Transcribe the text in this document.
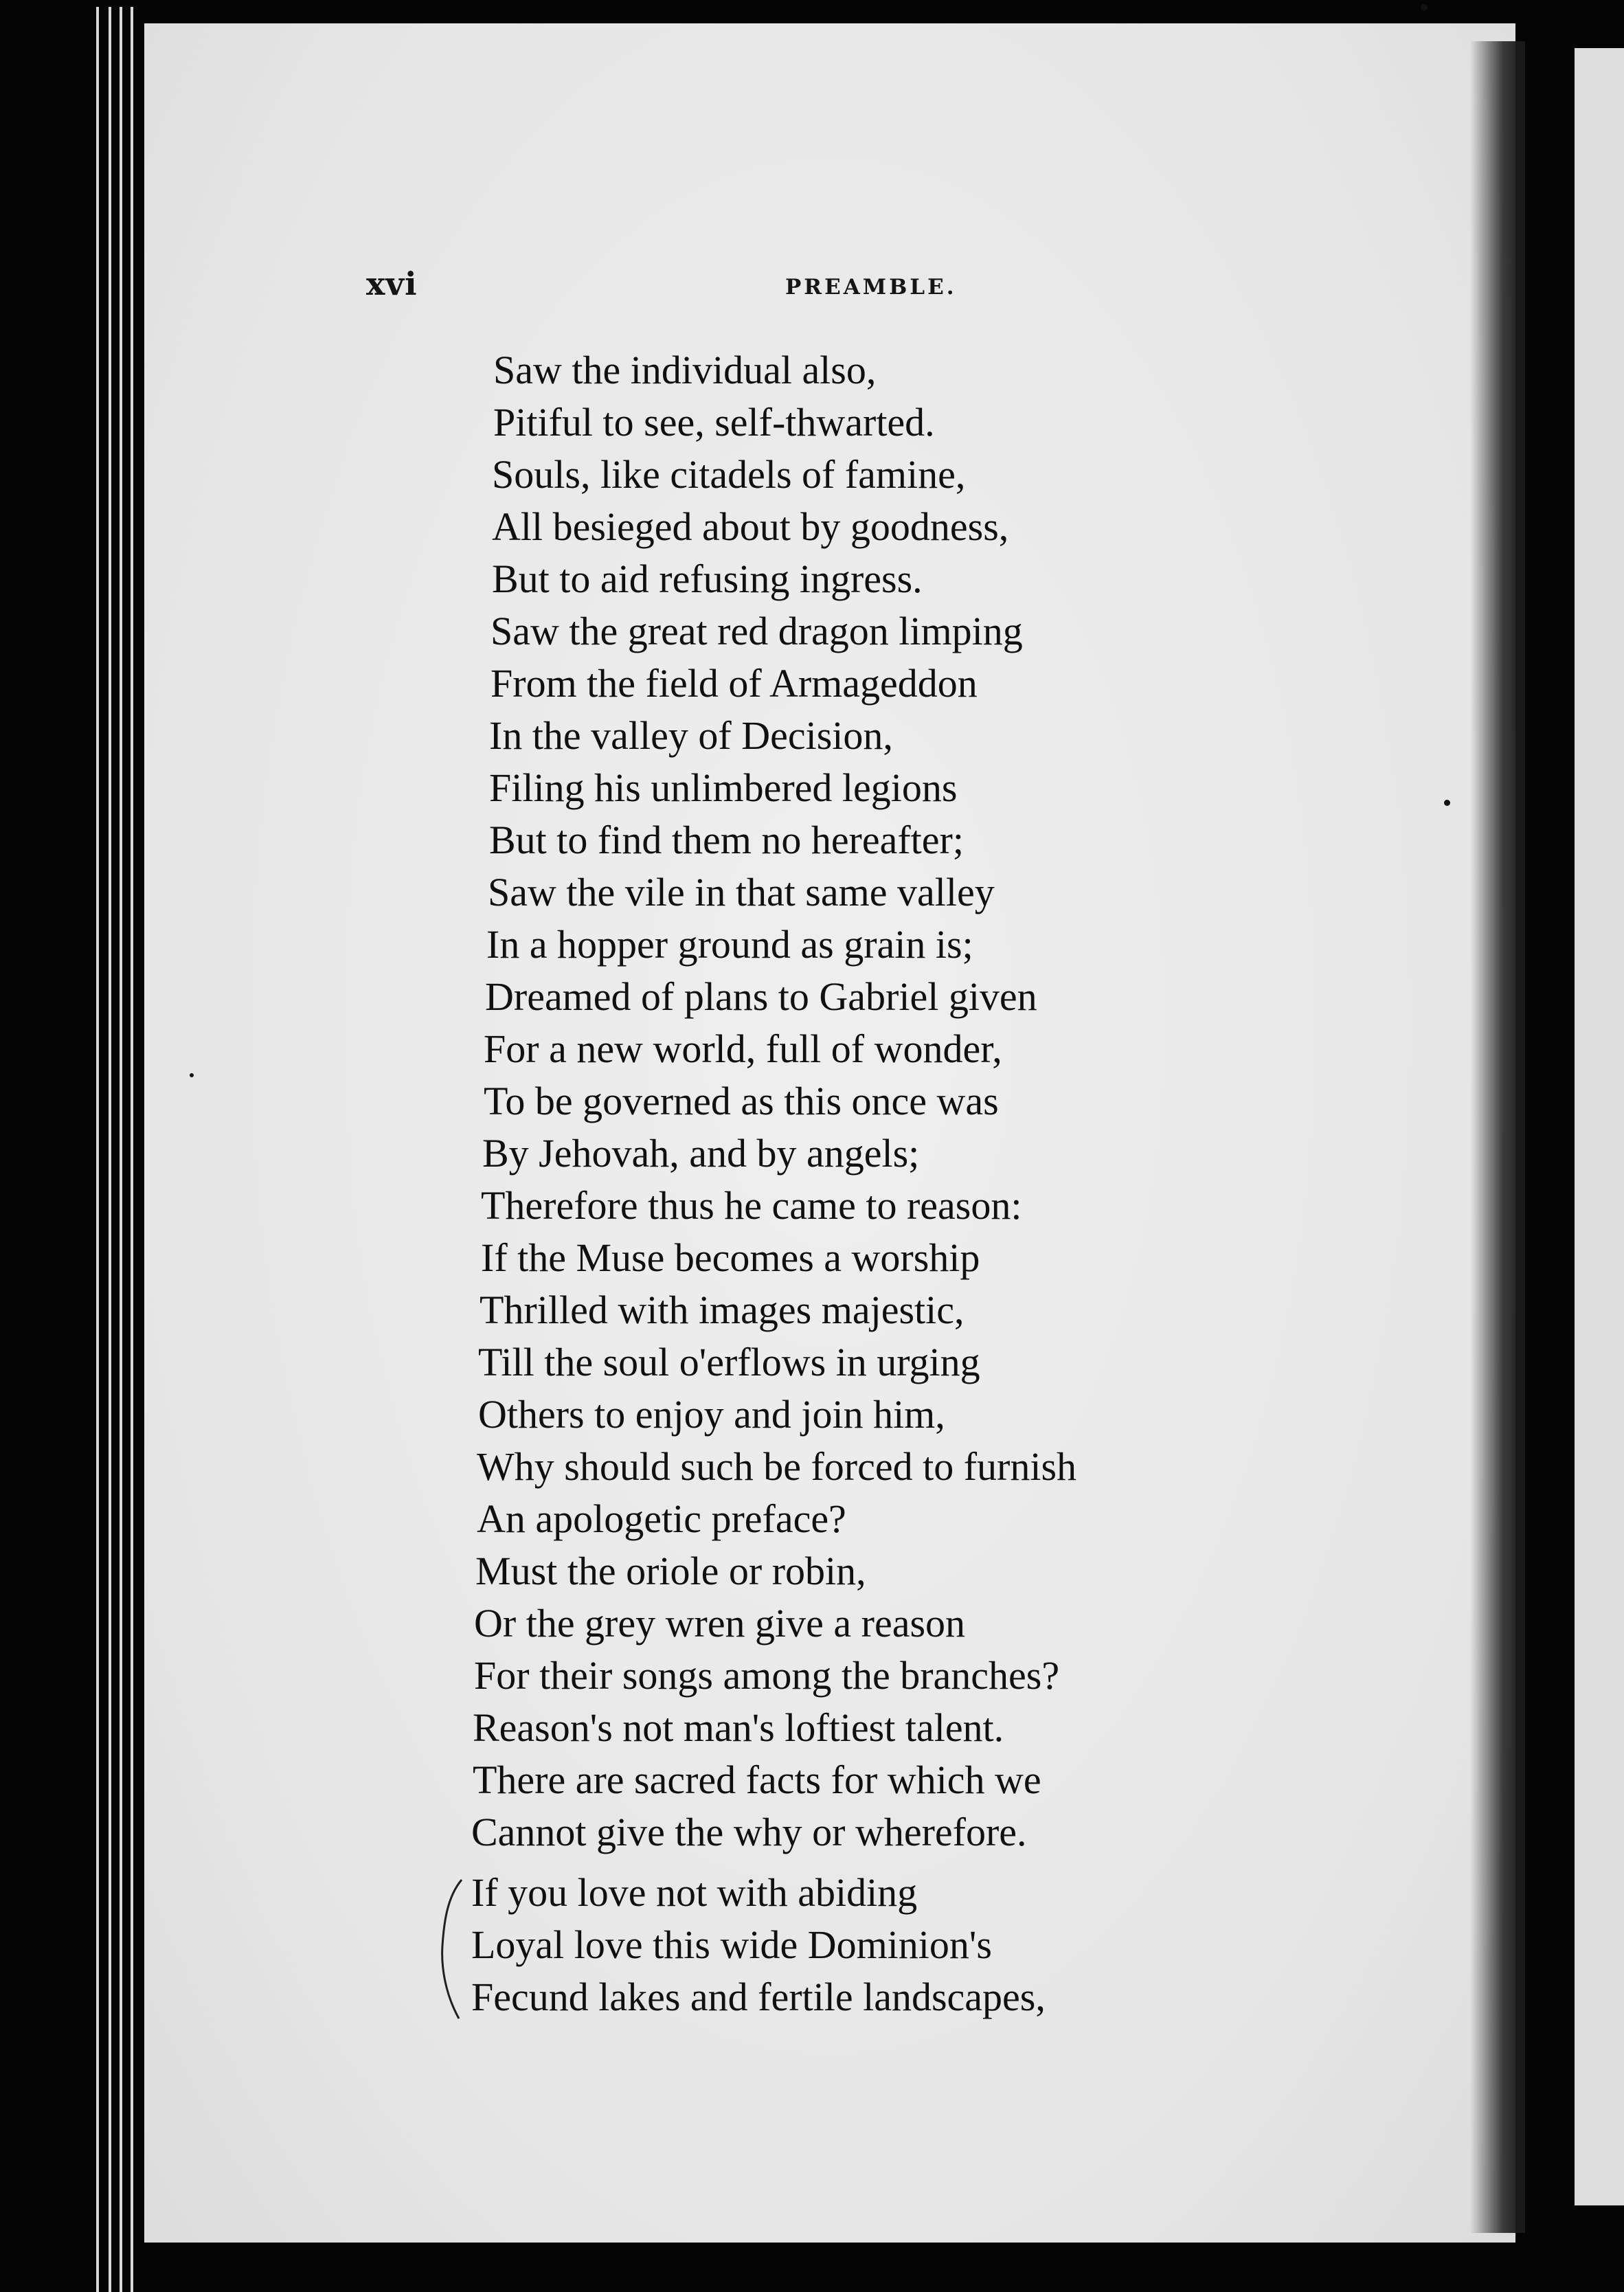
xvi	PREAMBLE.
Saw the individual also,
Pitiful to see, self-thwarted.
Souls, like citadels of famine,
All besieged about by goodness,
But to aid refusing ingress.
Saw the great red dragon limping
From the field of Armageddon
In the valley of Decision,
Filing his unlimbered legions
But to find them no hereafter;
Saw the vile in that same valley
In a hopper ground as grain is;
Dreamed of plans to Gabriel given
For a new world, full of wonder,
To be governed as this once was
By Jehovah, and by angels;
Therefore thus he came to reason:
If the Muse becomes a worship
Thrilled with images majestic,
Till the soul o'erflows in urging
Others to enjoy and join him,
Why should such be forced to furnish
An apologetic preface?
Must the oriole or robin,
Or the grey wren give a reason
For their songs among the branches?
Reason's not man's loftiest talent.
There are sacred facts for which we
Cannot give the why or wherefore.
If you love not with abiding
Loyal love this wide Dominion's
Fecund lakes and fertile landscapes,
